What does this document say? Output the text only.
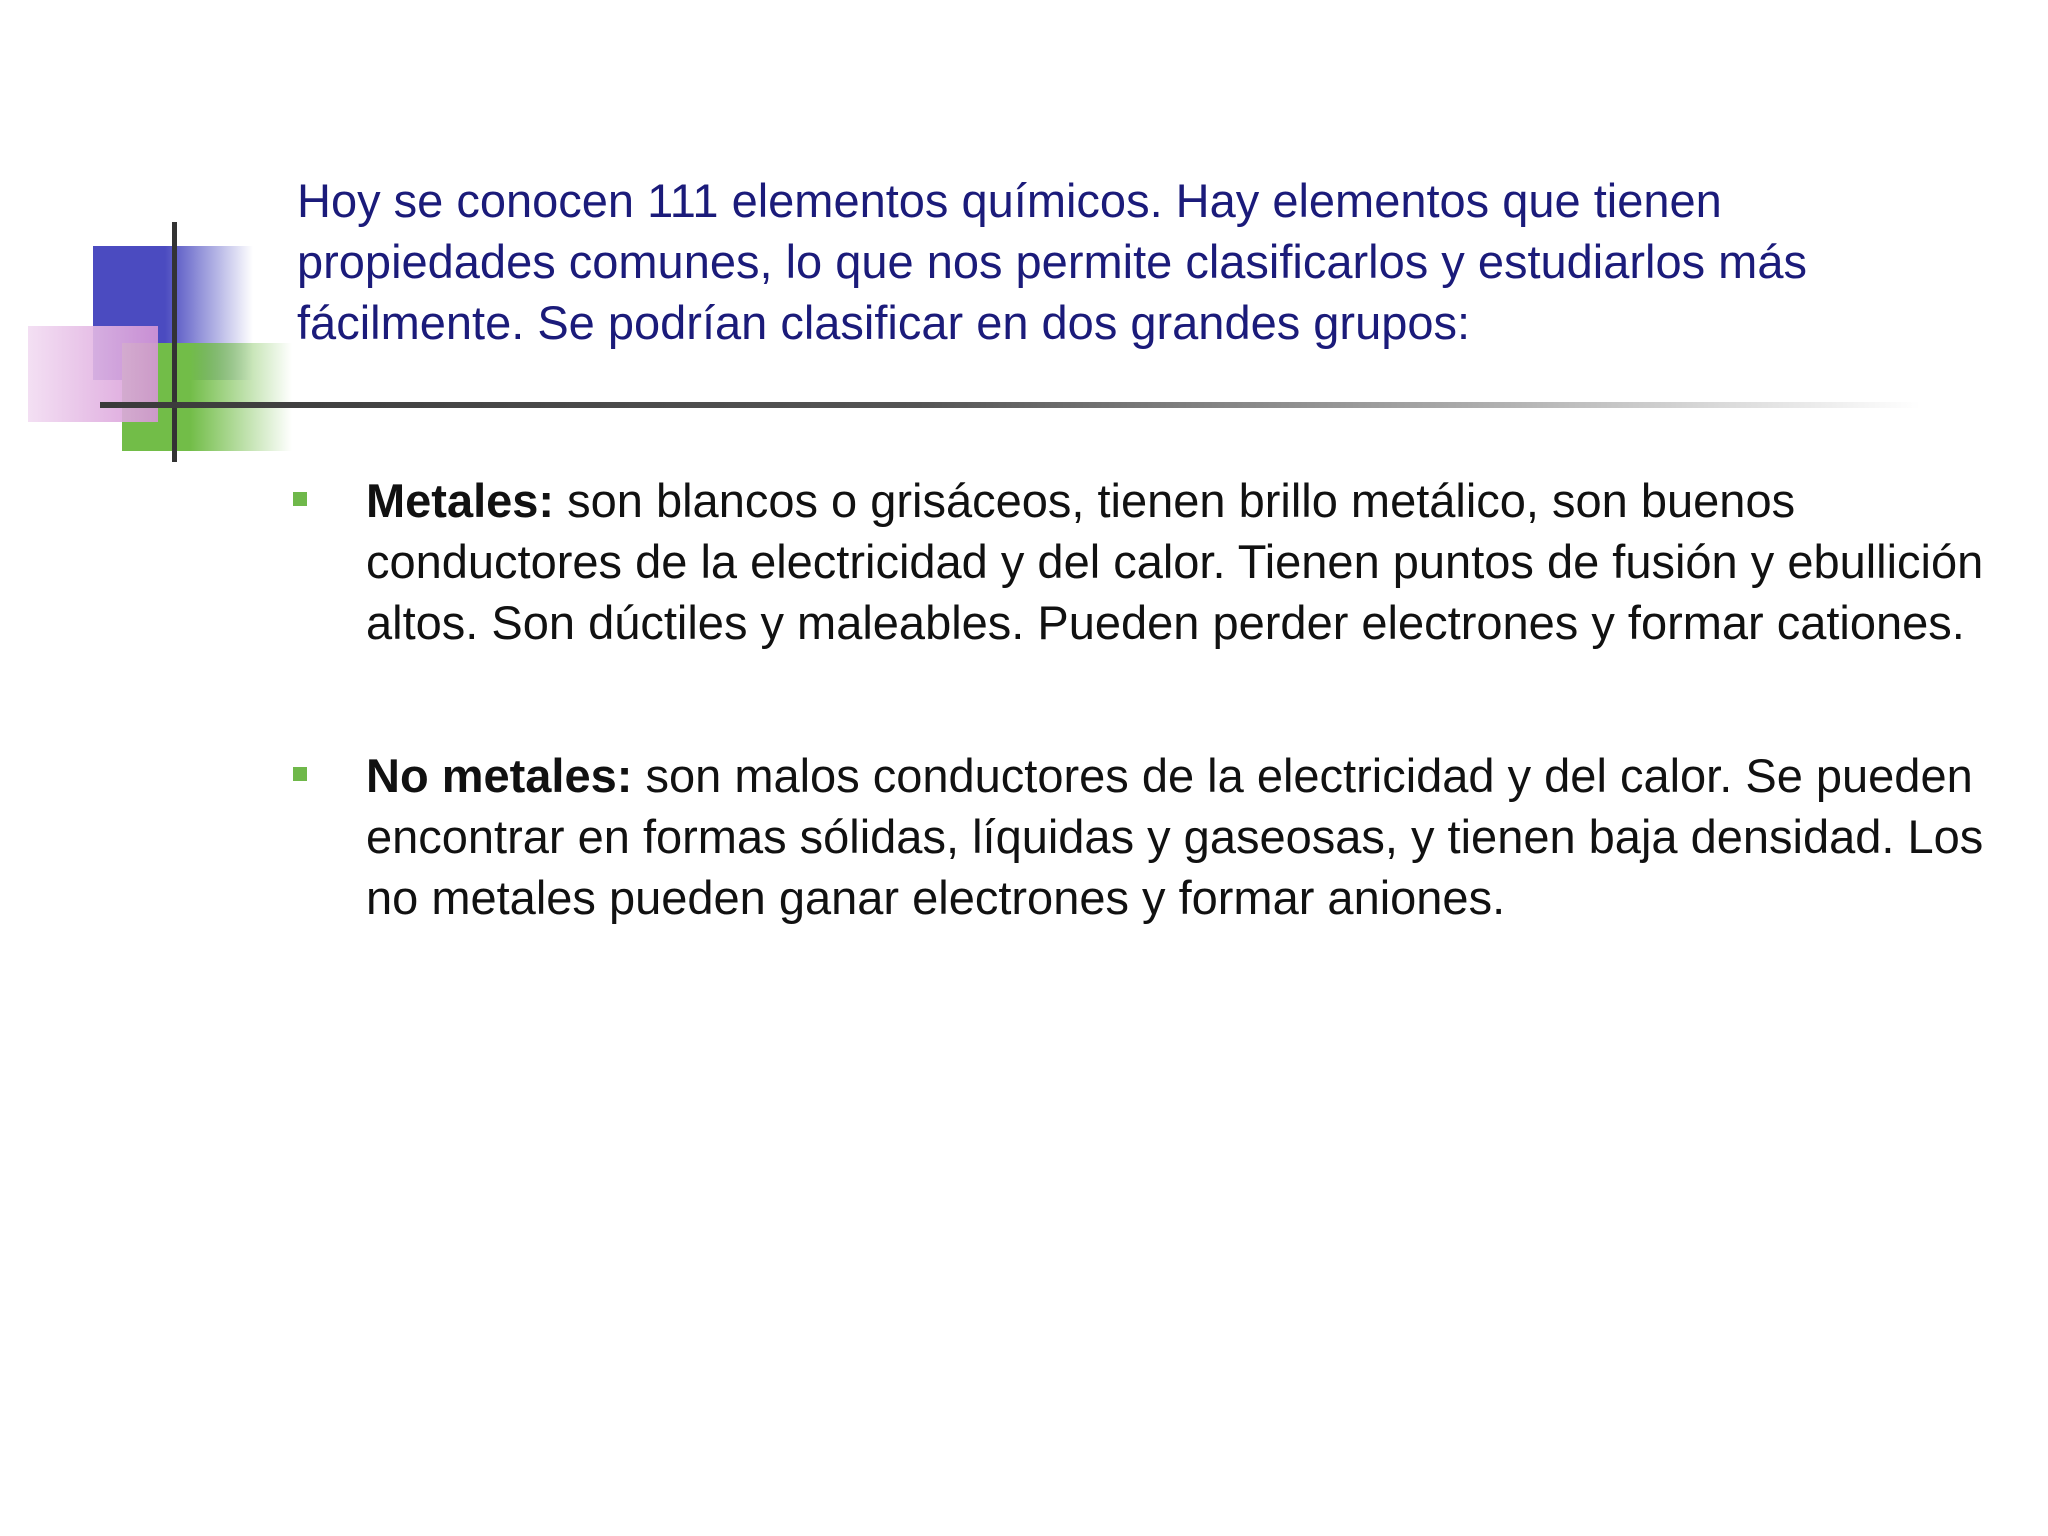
Hoy se conocen 111 elementos químicos. Hay elementos que tienen propiedades comunes, lo que nos permite clasificarlos y estudiarlos más fácilmente. Se podrían clasificar en dos grandes grupos:

Metales: son blancos o grisáceos, tienen brillo metálico, son buenos conductores de la electricidad y del calor. Tienen puntos de fusión y ebullición altos. Son dúctiles y maleables. Pueden perder electrones y formar cationes.
No metales: son malos conductores de la electricidad y del calor. Se pueden encontrar en formas sólidas, líquidas y gaseosas, y tienen baja densidad. Los no metales pueden ganar electrones y formar aniones.
